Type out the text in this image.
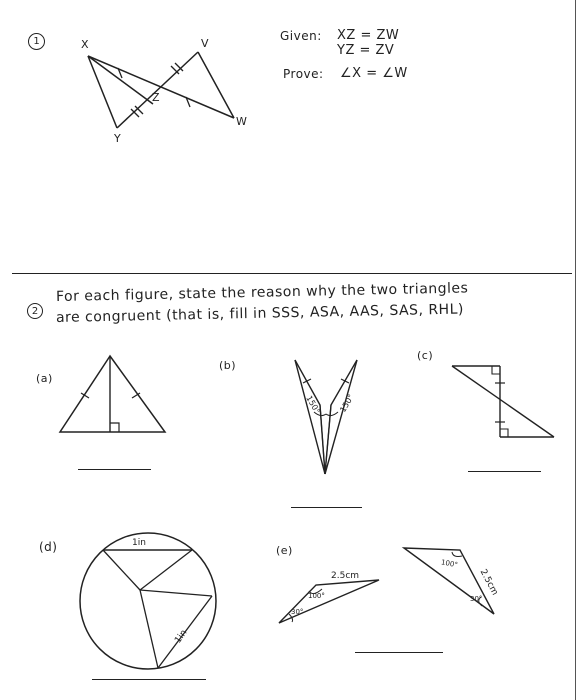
1	X	V
Z
Y
W
Given: XZ = ZW
YZ = ZV
Prove: ∠X = ∠W
2
For each figure, state the reason why the two triangles
are congruent (that is, fill in SSS, ASA, AAS, SAS, RHL)
(a)
(b)
(c)
(d)	(e)
150° 150°
1in
1in
2.5cm
30°
100°
100°
2.5cm
30°
